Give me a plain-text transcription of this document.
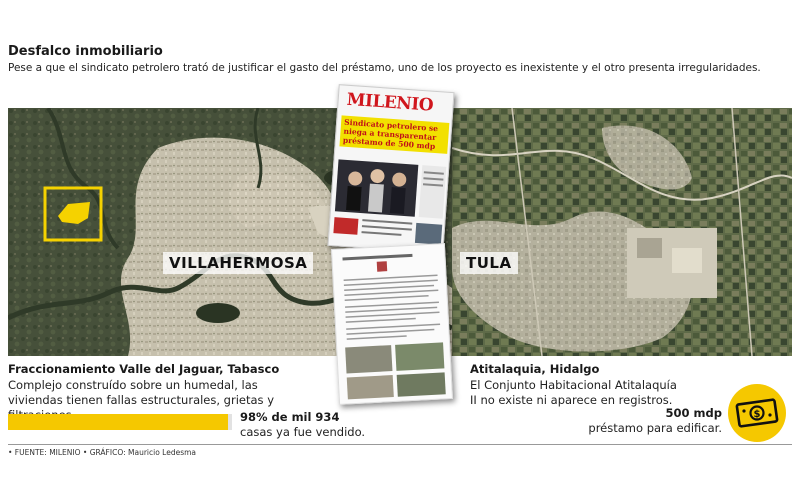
Desfalco inmobiliario
Pese a que el sindicato petrolero trató de justificar el gasto del préstamo, uno de los proyecto es inexistente y el otro presenta irregularidades.
VILLAHERMOSA	TULA
MILENIO
Sindicato petrolero se niega a transparentar préstamo de 500 mdp
Fraccionamiento Valle del Jaguar, Tabasco
Complejo construído sobre un humedal, las viviendas tienen fallas estructurales, grietas y
98% de mil 934
casas ya fue vendido.
Atitalaquia, Hidalgo
El Conjunto Habitacional Atitalaquía II no existe ni aparece en registros.
500 mdp
préstamo para edificar.
$
• FUENTE: MILENIO • GRÁFICO: Mauricio Ledesma
